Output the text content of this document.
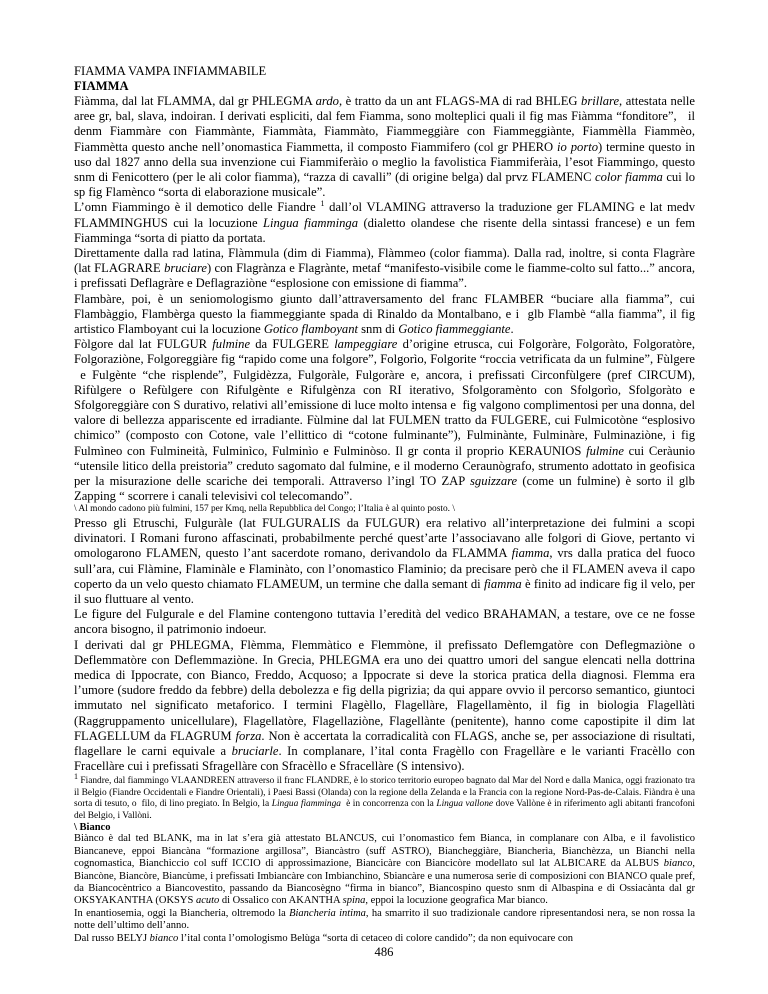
FIAMMA VAMPA INFIAMMABILE
FIAMMA

Fiàmma, dal lat FLAMMA, dal gr PHLEGMA ardo, è tratto da un ant FLAGS-MA di rad BHLEG brillare, attestata nelle aree gr, bal, slava, indoiran. I derivati espliciti, dal fem Fiamma, sono molteplici quali il fig mas Fiàmma “fonditore”,   il denm Fiammàre con Fiammànte, Fiammàta, Fiammàto, Fiammeggiàre con Fiammeggiànte, Fiammèlla Fiammèo, Fiammètta questo anche nell’onomastica Fiammetta, il composto Fiammifero (col gr PHERO io porto) termine questo in uso dal 1827 anno della sua invenzione cui Fiammiferàio o meglio la favolistica Fiammiferàia, l’esot Fiammingo, questo snm di Fenicottero (per le ali color fiamma), “razza di cavalli” (di origine belga) dal prvz FLAMENC color fiamma cui lo sp fig Flamènco “sorta di elaborazione musicale”.

L’omn Fiammingo è il demotico delle Fiandre $^1$ dall’ol VLAMING attraverso la traduzione ger FLAMING e lat medv FLAMMINGHUS cui la locuzione Lingua fiamminga (dialetto olandese che risente della sintassi francese) e un fem Fiamminga “sorta di piatto da portata.

Direttamente dalla rad latina, Flàmmula (dim di Fiamma), Flàmmeo (color fiamma). Dalla rad, inoltre, si conta Flagràre (lat FLAGRARE bruciare) con Flagrànza e Flagrànte, metaf “manifesto-visibile come le fiamme-colto sul fatto...” ancora, i prefissati Deflagràre e Deflagraziòne “esplosione con emissione di fiamma”.

Flambàre, poi, è un seniomologismo giunto dall’attraversamento del franc FLAMBER “buciare alla fiamma”, cui Flambàggio, Flambèrga questo la fiammeggiante spada di Rinaldo da Montalbano, e i  glb Flambè “alla fiamma”, il fig artistico Flamboyant cui la locuzione Gotico flamboyant snm di Gotico fiammeggiante.

Fòlgore dal lat FULGUR fulmine da FULGERE lampeggiare d’origine etrusca, cui Folgoràre, Folgoràto, Folgoratòre, Folgoraziòne, Folgoreggiàre fig “rapido come una folgore”, Folgorìo, Folgorite “roccia vetrificata da un fulmine”, Fùlgere  e Fulgènte “che risplende”, Fulgidèzza, Fulgoràle, Fulgoràre e, ancora, i prefissati Circonfùlgere (pref CIRCUM), Rifùlgere o Refùlgere con Rifulgènte e Rifulgènza con RI iterativo, Sfolgoramènto con Sfolgorìo, Sfolgoràto e Sfolgoreggiàre con S durativo, relativi all’emissione di luce molto intensa e  fig valgono complimentosi per una donna, del valore di bellezza appariscente ed irradiante. Fùlmine dal lat FULMEN tratto da FULGERE, cui Fulmicotòne “esplosivo chimico” (composto con Cotone, vale l’ellittico di “cotone fulminante”), Fulminànte, Fulminàre, Fulminaziòne, i fig Fulmìneo con Fulmineità, Fulminìco, Fulminìo e Fulminòso. Il gr conta il proprio KERAUNIOS fulmine cui Ceràunio “utensile litico della preistoria” creduto sagomato dal fulmine, e il moderno Ceraunògrafo, strumento adottato in geofisica per la misurazione delle scariche dei temporali. Attraverso l’ingl TO ZAP sguizzare (come un fulmine) è sorto il glb Zapping “ scorrere i canali televisivi col telecomando”.

\ Al mondo cadono più fulmini, 157 per Kmq, nella Repubblica del Congo; l’Italia è al quinto posto. \

Presso gli Etruschi, Fulguràle (lat FULGURALIS da FULGUR) era relativo all’interpretazione dei fulmini a scopi divinatori. I Romani furono affascinati, probabilmente perché quest’arte l’associavano alle folgori di Giove, pertanto vi omologarono FLAMEN, questo l’ant sacerdote romano, derivandolo da FLAMMA fiamma, vrs dalla pratica del fuoco sull’ara, cui Flàmine, Flaminàle e Flaminàto, con l’onomastico Flaminio; da precisare però che il FLAMEN aveva il capo coperto da un velo questo chiamato FLAMEUM, un termine che dalla semant di fiamma è finito ad indicare fig il velo, per il suo fluttuare al vento.

Le figure del Fulgurale e del Flamine contengono tuttavia l’eredità del vedico BRAHAMAN, a testare, ove ce ne fosse ancora bisogno, il patrimonio indoeur.

I derivati dal gr PHLEGMA, Flèmma, Flemmàtico e Flemmòne, il prefissato Deflemgatòre con Deflegmaziòne o Deflemmatòre con Deflemmaziòne. In Grecia, PHLEGMA era uno dei quattro umori del sangue elencati nella dottrina medica di Ippocrate, con Bianco, Freddo, Acquoso; a Ippocrate si deve la storica pratica della diagnosi. Flemma era l’umore (sudore freddo da febbre) della debolezza e fig della pigrizia; da qui appare ovvio il percorso semantico, giuntoci immutato nel significato metaforico. I termini Flagèllo, Flagellàre, Flagellamènto, il fig in biologia Flagellàti (Raggruppamento unicellulare), Flagellatòre, Flagellaziòne, Flagellànte (penitente), hanno come capostipite il dim lat FLAGELLUM da FLAGRUM forza. Non è accertata la corradicalità con FLAGS, anche se, per associazione di risultati, flagellare le carni equivale a bruciarle. In complanare, l’ital conta Fragèllo con Fragellàre e le varianti Fracèllo con Fracellàre cui i prefissati Sfragellàre con Sfracèllo e Sfracellàre (S intensivo).

$^1$ Fiandre, dal fiammingo VLAANDREEN attraverso il franc FLANDRE, è lo storico territorio europeo bagnato dal Mar del Nord e dalla Manica, oggi frazionato tra il Belgio (Fiandre Occidentali e Fiandre Orientali), i Paesi Bassi (Olanda) con la regione della Zelanda e la Francia con la regione Nord-Pas-de-Calais. Fiàndra è una sorta di tesuto, o  filo, di lino pregiato. In Belgio, la Lingua fiamminga  è in concorrenza con la Lingua vallone dove Vallòne è in riferimento agli abitanti francofoni del Belgio, i Vallòni.
\ Bianco
Biànco è dal ted BLANK, ma in lat s’era già attestato BLANCUS, cui l’onomastico fem Bianca, in complanare con Alba, e il favolistico Biancaneve, eppoi Biancàna “formazione argillosa”, Biancàstro (suff ASTRO), Biancheggiàre, Biancherìa, Bianchèzza, un Bianchi nella cognomastica, Bianchiccio col suff ICCIO di approssimazione, Biancicàre con Biancicòre modellato sul lat ALBICARE da ALBUS bianco, Biancòne, Biancòre, Biancùme, i prefissati Imbiancàre con Imbianchino, Sbiancàre e una numerosa serie di composizioni con BIANCO quale pref, da Biancocèntrico a Biancovestito, passando da Biancosègno “firma in bianco”, Biancospino questo snm di Albaspina e di Ossiacànta dal gr OKSYAKANTHA (OKSYS acuto di Ossalico con AKANTHA spina, eppoi la locuzione geografica Mar bianco.
In enantiosemia, oggi la Biancheria, oltremodo la Biancheria intima, ha smarrito il suo tradizionale candore ripresentandosi nera, se non rossa la notte dell’ultimo dell’anno.
Dal russo BELYJ bianco l’ital conta l’omologismo Belùga “sorta di cetaceo di colore candido”; da non equivocare con
486
